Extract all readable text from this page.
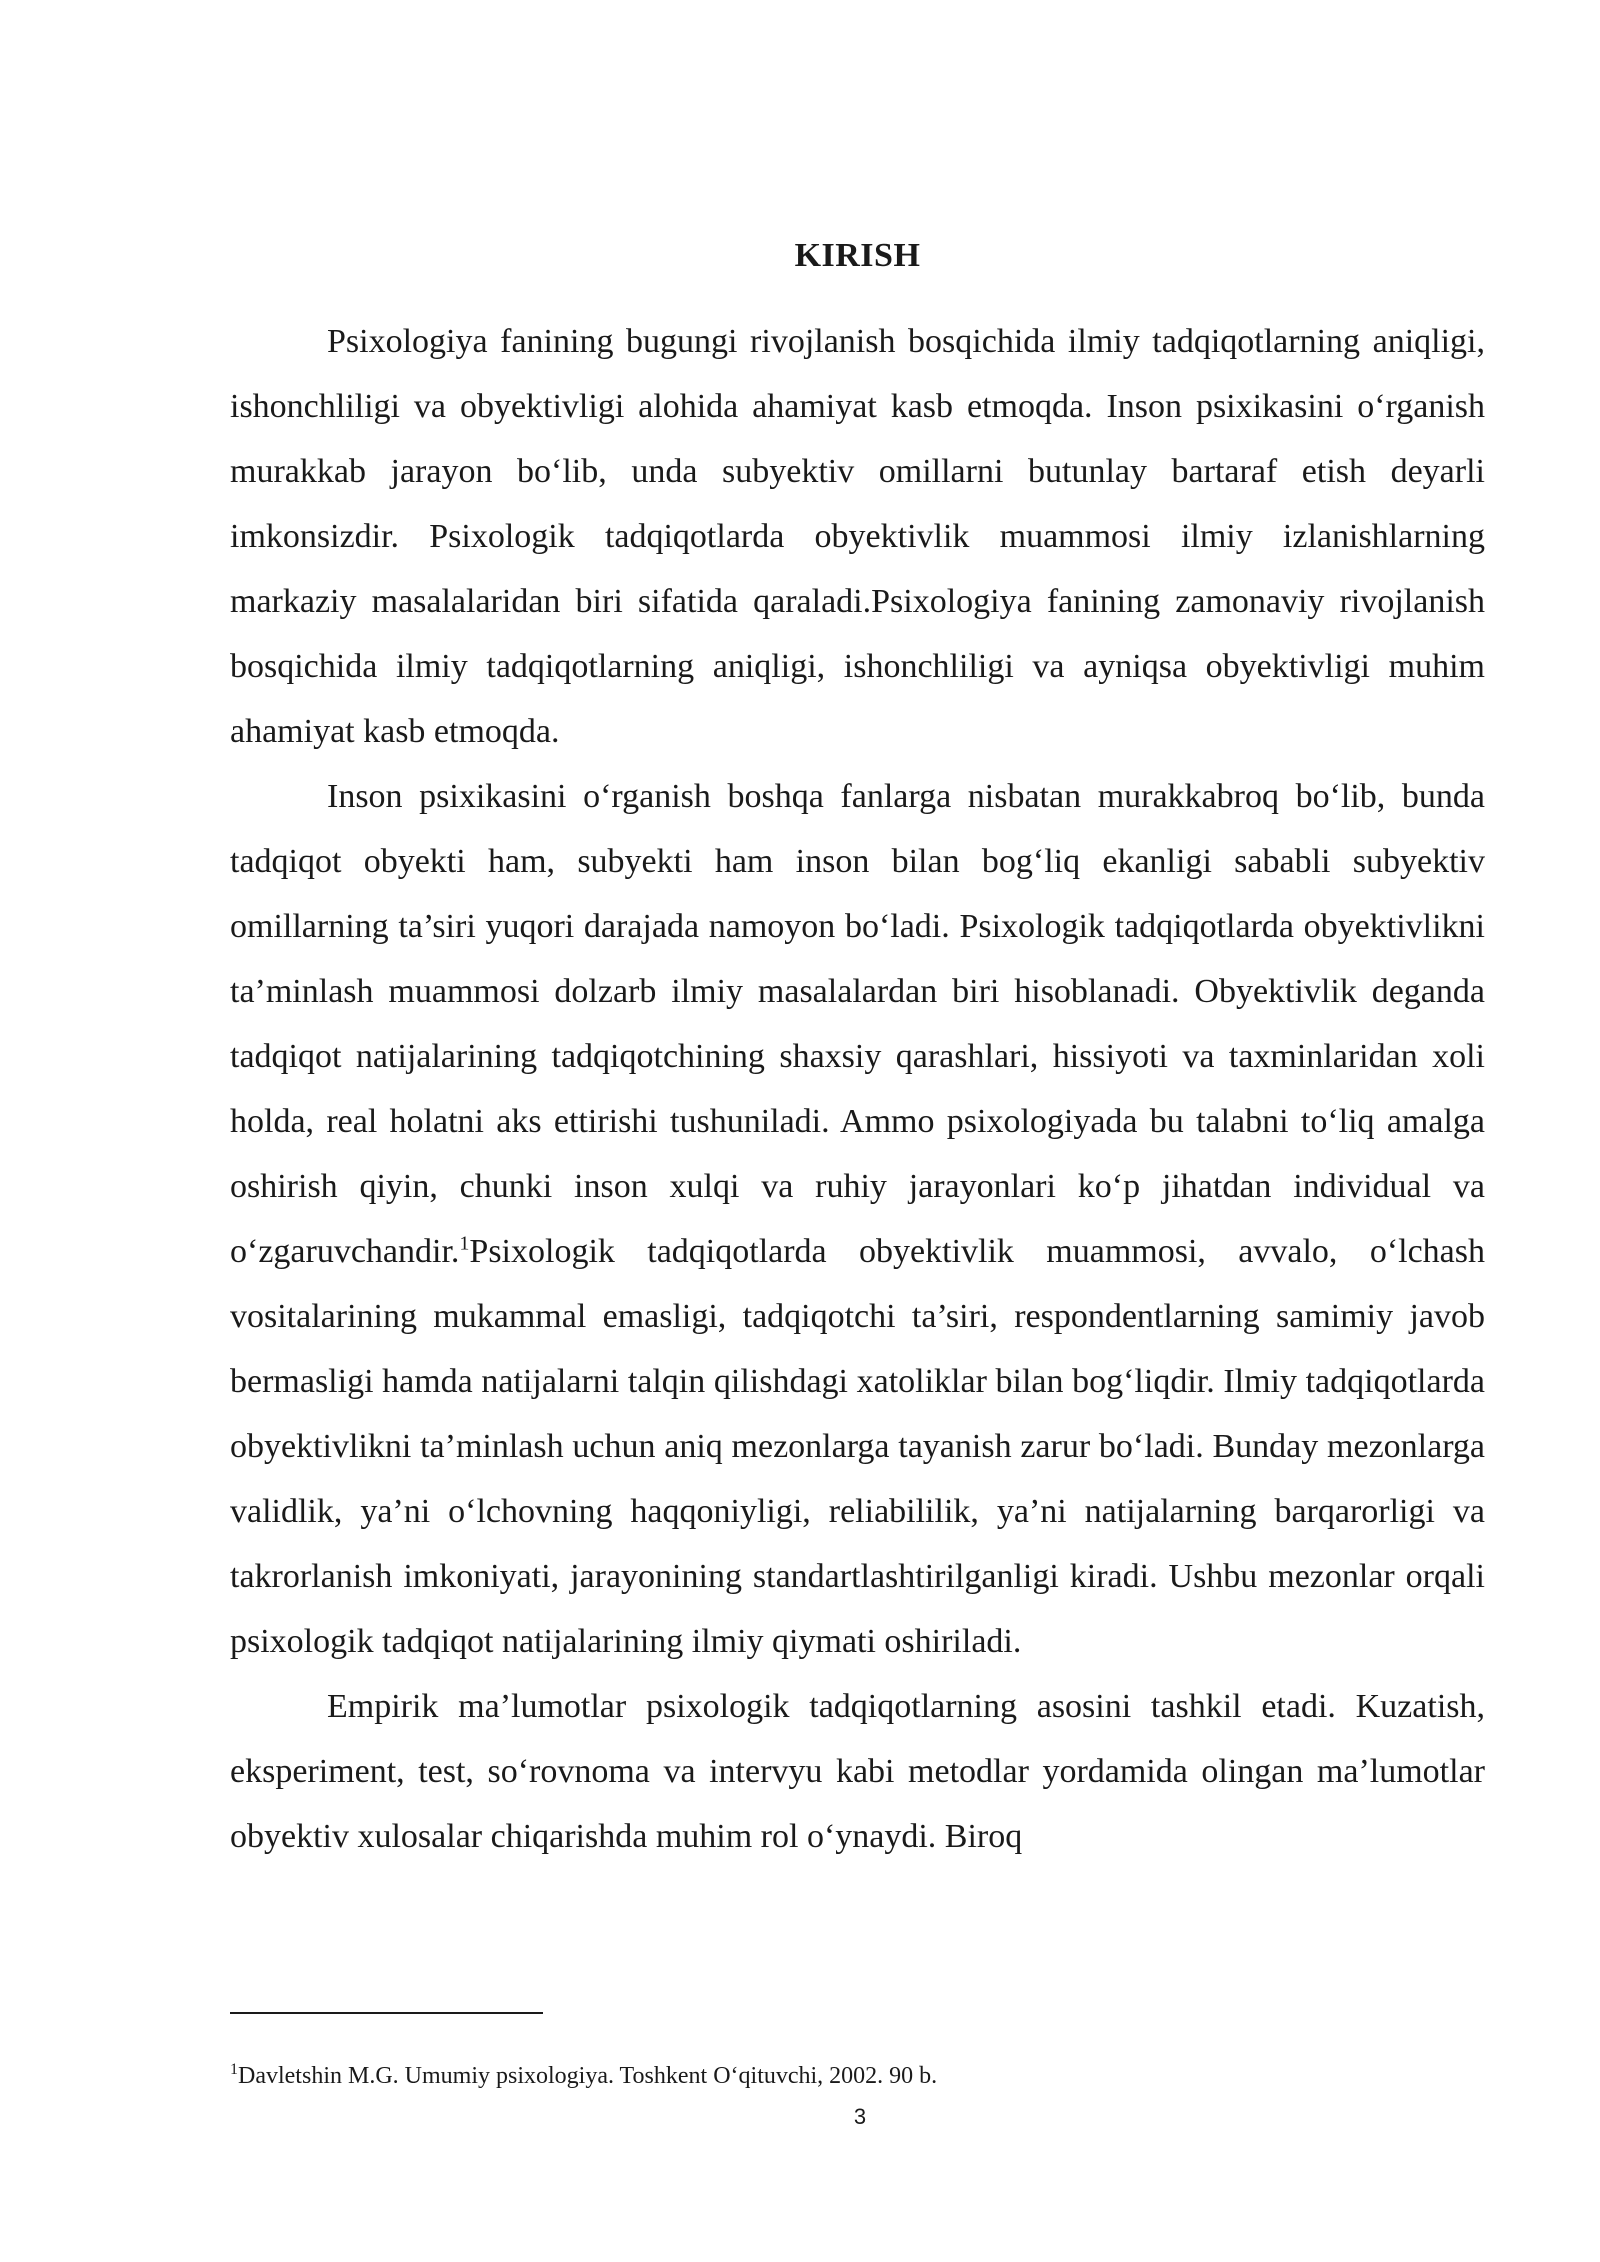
KIRISH

Psixologiya fanining bugungi rivojlanish bosqichida ilmiy tadqiqotlarning aniqligi, ishonchliligi va obyektivligi alohida ahamiyat kasb etmoqda. Inson psixikasini o‘rganish murakkab jarayon bo‘lib, unda subyektiv omillarni butunlay bartaraf etish deyarli imkonsizdir. Psixologik tadqiqotlarda obyektivlik muammosi ilmiy izlanishlarning markaziy masalalaridan biri sifatida qaraladi.Psixologiya fanining zamonaviy rivojlanish bosqichida ilmiy tadqiqotlarning aniqligi, ishonchliligi va ayniqsa obyektivligi muhim ahamiyat kasb etmoqda.

Inson psixikasini o‘rganish boshqa fanlarga nisbatan murakkabroq bo‘lib, bunda tadqiqot obyekti ham, subyekti ham inson bilan bog‘liq ekanligi sababli subyektiv omillarning ta’siri yuqori darajada namoyon bo‘ladi. Psixologik tadqiqotlarda obyektivlikni ta’minlash muammosi dolzarb ilmiy masalalardan biri hisoblanadi. Obyektivlik deganda tadqiqot natijalarining tadqiqotchining shaxsiy qarashlari, hissiyoti va taxminlaridan xoli holda, real holatni aks ettirishi tushuniladi. Ammo psixologiyada bu talabni to‘liq amalga oshirish qiyin, chunki inson xulqi va ruhiy jarayonlari ko‘p jihatdan individual va o‘zgaruvchandir.$^1$Psixologik tadqiqotlarda obyektivlik muammosi, avvalo, o‘lchash vositalarining mukammal emasligi, tadqiqotchi ta’siri, respondentlarning samimiy javob bermasligi hamda natijalarni talqin qilishdagi xatoliklar bilan bog‘liqdir. Ilmiy tadqiqotlarda obyektivlikni ta’minlash uchun aniq mezonlarga tayanish zarur bo‘ladi. Bunday mezonlarga validlik, ya’ni o‘lchovning haqqoniyligi, reliabililik, ya’ni natijalarning barqarorligi va takrorlanish imkoniyati, jarayonining standartlashtirilganligi kiradi. Ushbu mezonlar orqali psixologik tadqiqot natijalarining ilmiy qiymati oshiriladi.

Empirik ma’lumotlar psixologik tadqiqotlarning asosini tashkil etadi. Kuzatish, eksperiment, test, so‘rovnoma va intervyu kabi metodlar yordamida olingan ma’lumotlar obyektiv xulosalar chiqarishda muhim rol o‘ynaydi. Biroq

$^1$Davletshin M.G. Umumiy psixologiya. Toshkent O‘qituvchi, 2002. 90 b.
3
